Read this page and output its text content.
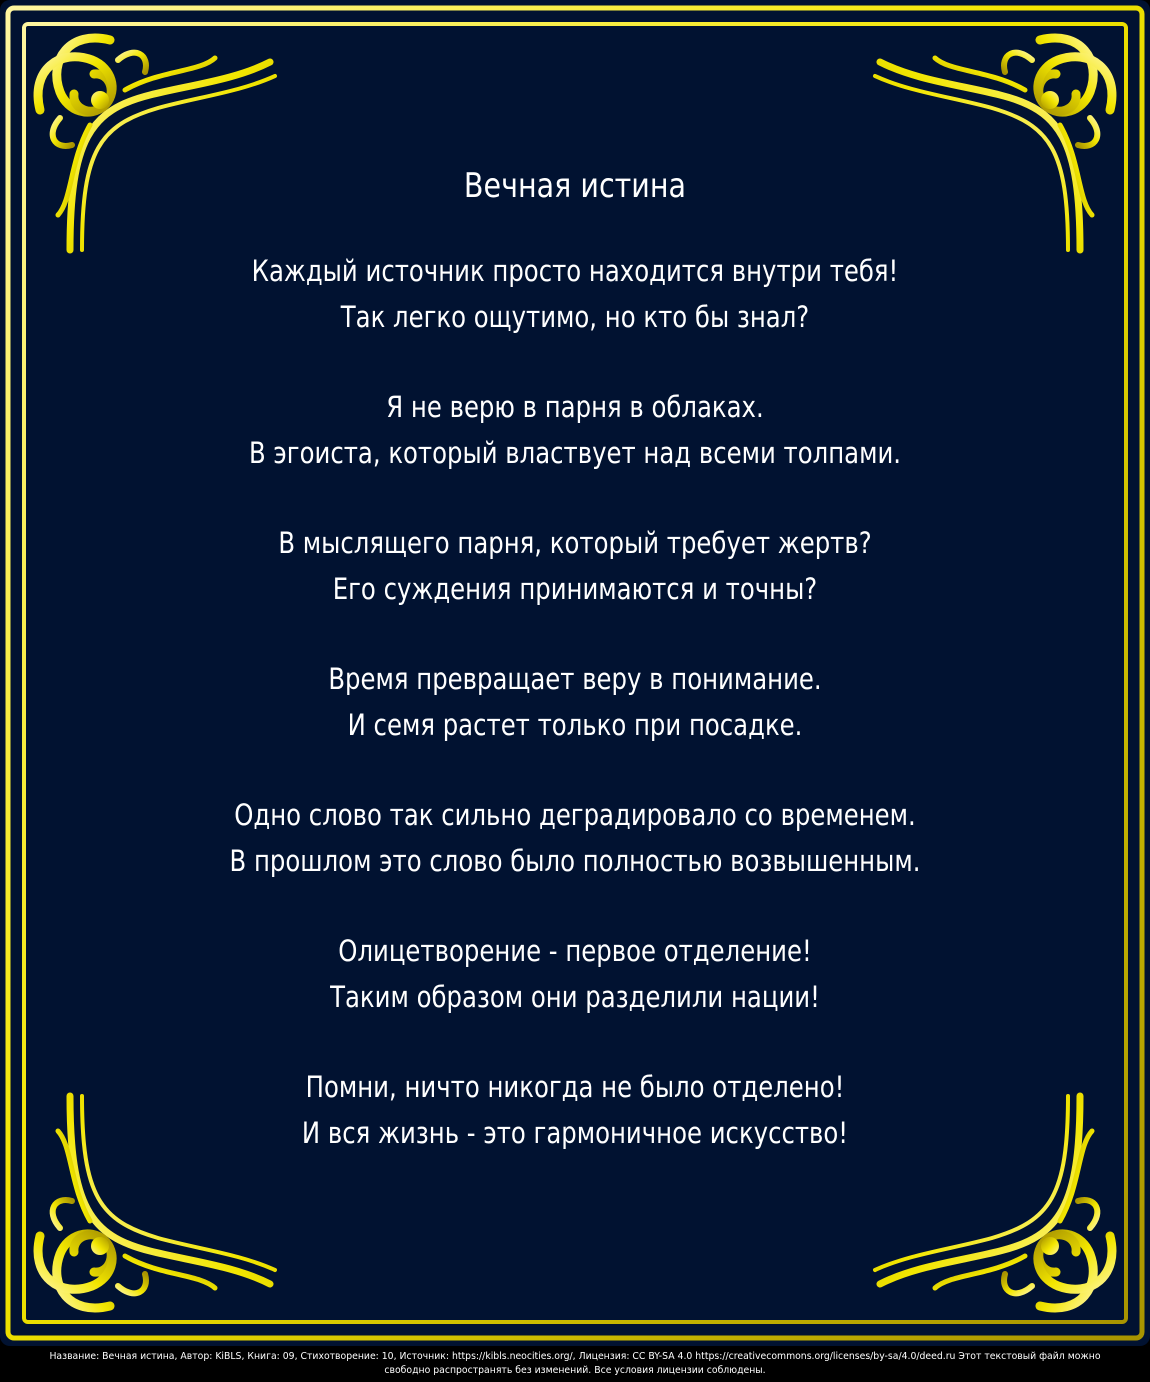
Вечная истина
Каждый источник просто находится внутри тебя!
Так легко ощутимо, но кто бы знал?
Я не верю в парня в облаках.
В эгоиста, который властвует над всеми толпами.
В мыслящего парня, который требует жертв?
Его суждения принимаются и точны?
Время превращает веру в понимание.
И семя растет только при посадке.
Одно слово так сильно деградировало со временем.
В прошлом это слово было полностью возвышенным.
Олицетворение - первое отделение!
Таким образом они разделили нации!
Помни, ничто никогда не было отделено!
И вся жизнь - это гармоничное искусство!
Название: Вечная истина, Автор: KiBLS, Книга: 09, Стихотворение: 10, Источник: https://kibls.neocities.org/, Лицензия: CC BY-SA 4.0 https://creativecommons.org/licenses/by-sa/4.0/deed.ru Этот текстовый файл можно
свободно распространять без изменений. Все условия лицензии соблюдены.
